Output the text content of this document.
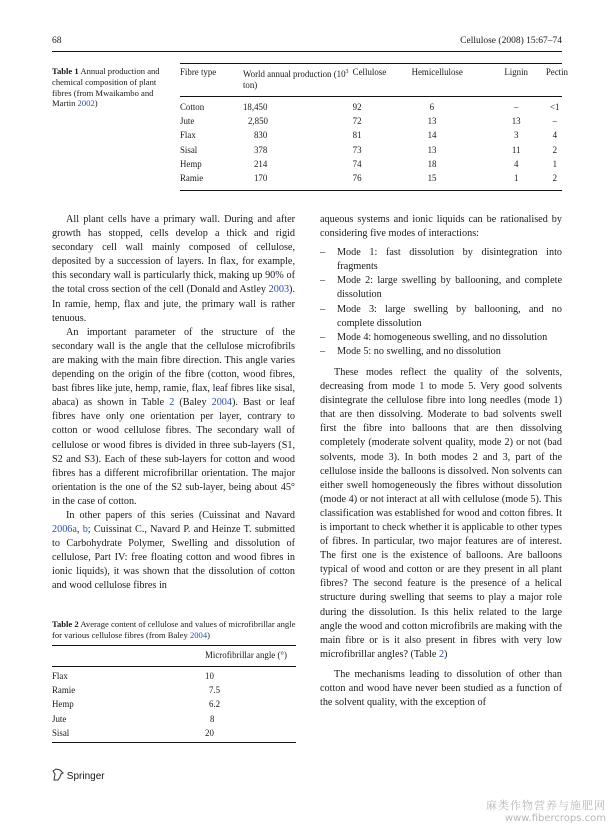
68	Cellulose (2008) 15:67–74
Table 1 Annual production and chemical composition of plant fibres (from Mwaikambo and Martin 2002)
Fibre type	World annual production ($10^3$ ton)	Cellulose	Hemicellulose	Lignin	Pectin
Cotton	18,450	92	6	–	<1
Jute	2,850	72	13	13	–
Flax	830	81	14	3	4
Sisal	378	73	13	11	2
Hemp	214	74	18	4	1
Ramie	170	76	15	1	2

All plant cells have a primary wall. During and after growth has stopped, cells develop a thick and rigid secondary cell wall mainly composed of cellulose, deposited by a succession of layers. In flax, for example, this secondary wall is particularly thick, making up 90% of the total cross section of the cell (Donald and Astley 2003). In ramie, hemp, flax and jute, the primary wall is rather tenuous.

An important parameter of the structure of the secondary wall is the angle that the cellulose microfibrils are making with the main fibre direction. This angle varies depending on the origin of the fibre (cotton, wood fibres, bast fibres like jute, hemp, ramie, flax, leaf fibres like sisal, abaca) as shown in Table 2 (Baley 2004). Bast or leaf fibres have only one orientation per layer, contrary to cotton or wood cellulose fibres. The secondary wall of cellulose or wood fibres is divided in three sub-layers (S1, S2 and S3). Each of these sub-layers for cotton and wood fibres has a different microfibrillar orientation. The major orientation is the one of the S2 sub-layer, being about 45° in the case of cotton.

In other papers of this series (Cuissinat and Navard 2006a, b; Cuissinat C., Navard P. and Heinze T. submitted to Carbohydrate Polymer, Swelling and dissolution of cellulose, Part IV: free floating cotton and wood fibres in ionic liquids), it was shown that the dissolution of cotton and wood cellulose fibres in

Table 2 Average content of cellulose and values of microfibrillar angle for various cellulose fibres (from Baley 2004)
Microfibrillar angle (°)
Flax	10
Ramie	7.5
Hemp	6.2
Jute	8
Sisal	20

aqueous systems and ionic liquids can be rationalised by considering five modes of interactions:

– Mode 1: fast dissolution by disintegration into fragments
– Mode 2: large swelling by ballooning, and complete dissolution
– Mode 3: large swelling by ballooning, and no complete dissolution
– Mode 4: homogeneous swelling, and no dissolution
– Mode 5: no swelling, and no dissolution

These modes reflect the quality of the solvents, decreasing from mode 1 to mode 5. Very good solvents disintegrate the cellulose fibre into long needles (mode 1) that are then dissolving. Moderate to bad solvents swell first the fibre into balloons that are then dissolving completely (moderate solvent quality, mode 2) or not (bad solvents, mode 3). In both modes 2 and 3, part of the cellulose inside the balloons is dissolved. Non solvents can either swell homogeneously the fibres without dissolution (mode 4) or not interact at all with cellulose (mode 5). This classification was established for wood and cotton fibres. It is important to check whether it is applicable to other types of fibres. In particular, two major features are of interest. The first one is the existence of balloons. Are balloons typical of wood and cotton or are they present in all plant fibres? The second feature is the presence of a helical structure during swelling that seems to play a major role during the dissolution. Is this helix related to the large angle the wood and cotton microfibrils are making with the main fibre or is it also present in fibres with very low microfibrillar angles? (Table 2)

The mechanisms leading to dissolution of other than cotton and wood have never been studied as a function of the solvent quality, with the exception of

Springer
麻类作物营养与施肥网
www.fibercrops.com
